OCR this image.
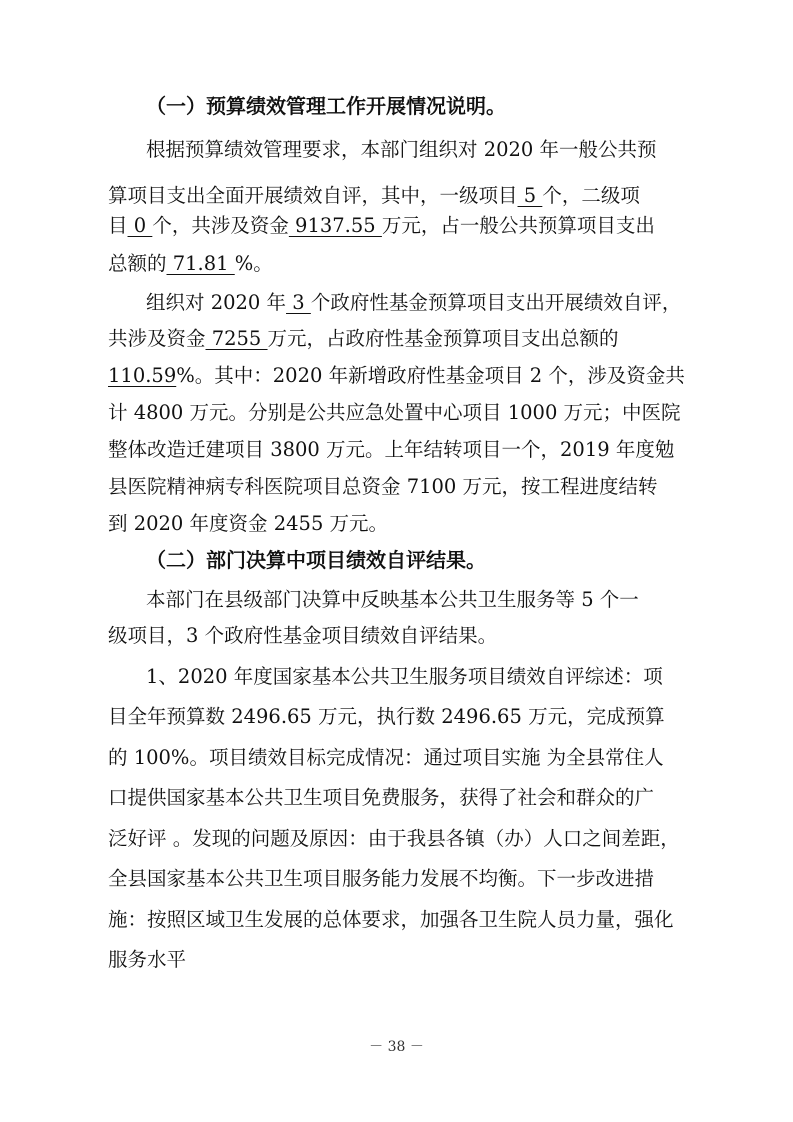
（一）预算绩效管理工作开展情况说明。
根据预算绩效管理要求，本部门组织对 2020 年一般公共预
算项目支出全面开展绩效自评，其中，一级项目 5 个，二级项
目 0 个，共涉及资金 9137.55 万元，占一般公共预算项目支出
总额的 71.81 %。
组织对 2020 年 3 个政府性基金预算项目支出开展绩效自评，
共涉及资金 7255 万元，占政府性基金预算项目支出总额的
110.59%。其中：2020 年新增政府性基金项目 2 个，涉及资金共
计 4800 万元。分别是公共应急处置中心项目 1000 万元；中医院
整体改造迁建项目 3800 万元。上年结转项目一个，2019 年度勉
县医院精神病专科医院项目总资金 7100 万元，按工程进度结转
到 2020 年度资金 2455 万元。
（二）部门决算中项目绩效自评结果。
本部门在县级部门决算中反映基本公共卫生服务等 5 个一
级项目，3 个政府性基金项目绩效自评结果。
1、2020 年度国家基本公共卫生服务项目绩效自评综述：项
目全年预算数 2496.65 万元，执行数 2496.65 万元，完成预算
的 100%。项目绩效目标完成情况：通过项目实施 为全县常住人
口提供国家基本公共卫生项目免费服务，获得了社会和群众的广
泛好评 。发现的问题及原因：由于我县各镇（办）人口之间差距，
全县国家基本公共卫生项目服务能力发展不均衡。下一步改进措
施：按照区域卫生发展的总体要求，加强各卫生院人员力量，强化
服务水平
－ 38 －
